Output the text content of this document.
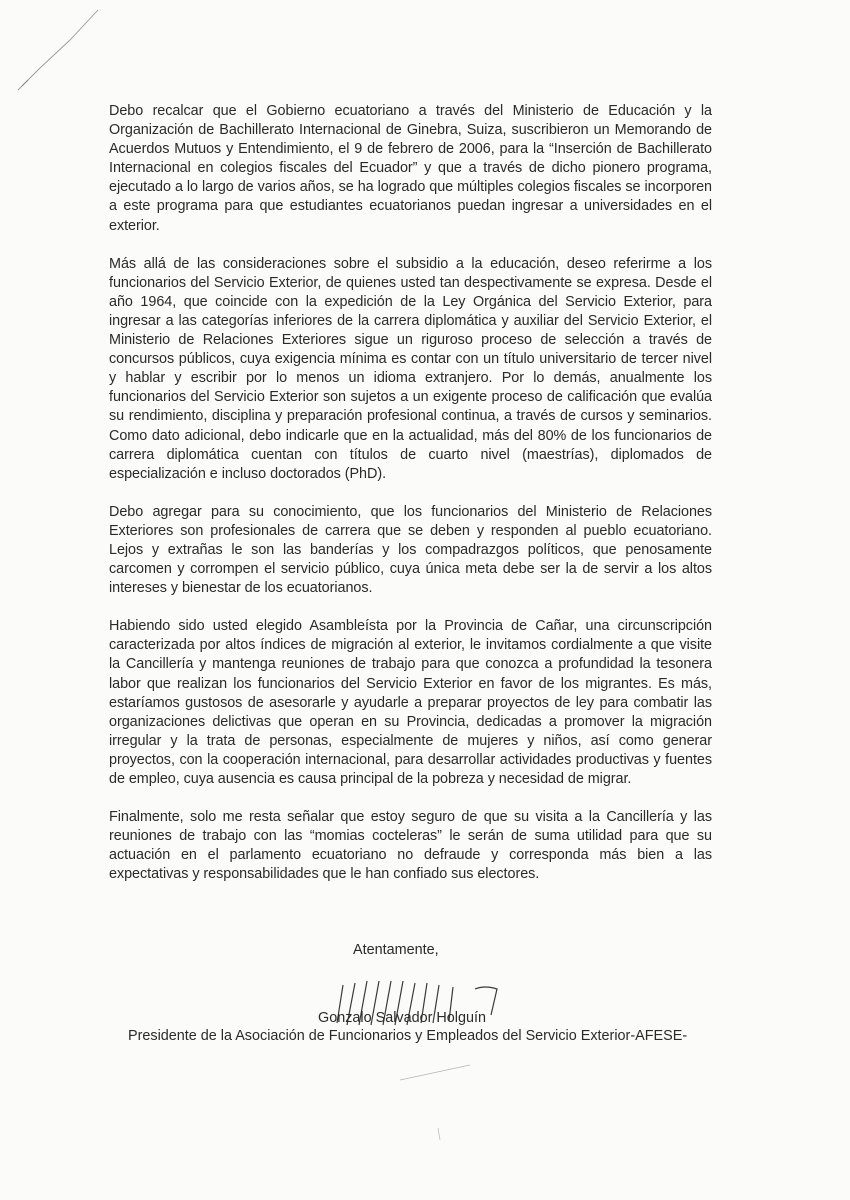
Debo recalcar que el Gobierno ecuatoriano a través del Ministerio de Educación y la Organización de Bachillerato Internacional de Ginebra, Suiza, suscribieron un Memorando de Acuerdos Mutuos y Entendimiento, el 9 de febrero de 2006, para la “Inserción de Bachillerato Internacional en colegios fiscales del Ecuador” y que a través de dicho pionero programa, ejecutado a lo largo de varios años, se ha logrado que múltiples colegios fiscales se incorporen a este programa para que estudiantes ecuatorianos puedan ingresar a universidades en el exterior.

Más allá de las consideraciones sobre el subsidio a la educación, deseo referirme a los funcionarios del Servicio Exterior, de quienes usted tan despectivamente se expresa. Desde el año 1964, que coincide con la expedición de la Ley Orgánica del Servicio Exterior, para ingresar a las categorías inferiores de la carrera diplomática y auxiliar del Servicio Exterior, el Ministerio de Relaciones Exteriores sigue un riguroso proceso de selección a través de concursos públicos, cuya exigencia mínima es contar con un título universitario de tercer nivel y hablar y escribir por lo menos un idioma extranjero. Por lo demás, anualmente los funcionarios del Servicio Exterior son sujetos a un exigente proceso de calificación que evalúa su rendimiento, disciplina y preparación profesional continua, a través de cursos y seminarios. Como dato adicional, debo indicarle que en la actualidad, más del 80% de los funcionarios de carrera diplomática cuentan con títulos de cuarto nivel (maestrías), diplomados de especialización e incluso doctorados (PhD).

Debo agregar para su conocimiento, que los funcionarios del Ministerio de Relaciones Exteriores son profesionales de carrera que se deben y responden al pueblo ecuatoriano. Lejos y extrañas le son las banderías y los compadrazgos políticos, que penosamente carcomen y corrompen el servicio público, cuya única meta debe ser la de servir a los altos intereses y bienestar de los ecuatorianos.

Habiendo sido usted elegido Asambleísta por la Provincia de Cañar, una circunscripción caracterizada por altos índices de migración al exterior, le invitamos cordialmente a que visite la Cancillería y mantenga reuniones de trabajo para que conozca a profundidad la tesonera labor que realizan los funcionarios del Servicio Exterior en favor de los migrantes. Es más, estaríamos gustosos de asesorarle y ayudarle a preparar proyectos de ley para combatir las organizaciones delictivas que operan en su Provincia, dedicadas a promover la migración irregular y la trata de personas, especialmente de mujeres y niños, así como generar proyectos, con la cooperación internacional, para desarrollar actividades productivas y fuentes de empleo, cuya ausencia es causa principal de la pobreza y necesidad de migrar.

Finalmente, solo me resta señalar que estoy seguro de que su visita a la Cancillería y las reuniones de trabajo con las “momias cocteleras” le serán de suma utilidad para que su actuación en el parlamento ecuatoriano no defraude y corresponda más bien a las expectativas y responsabilidades que le han confiado sus electores.

Atentamente,
Gonzalo Salvador Holguín
Presidente de la Asociación de Funcionarios y Empleados del Servicio Exterior-AFESE-
